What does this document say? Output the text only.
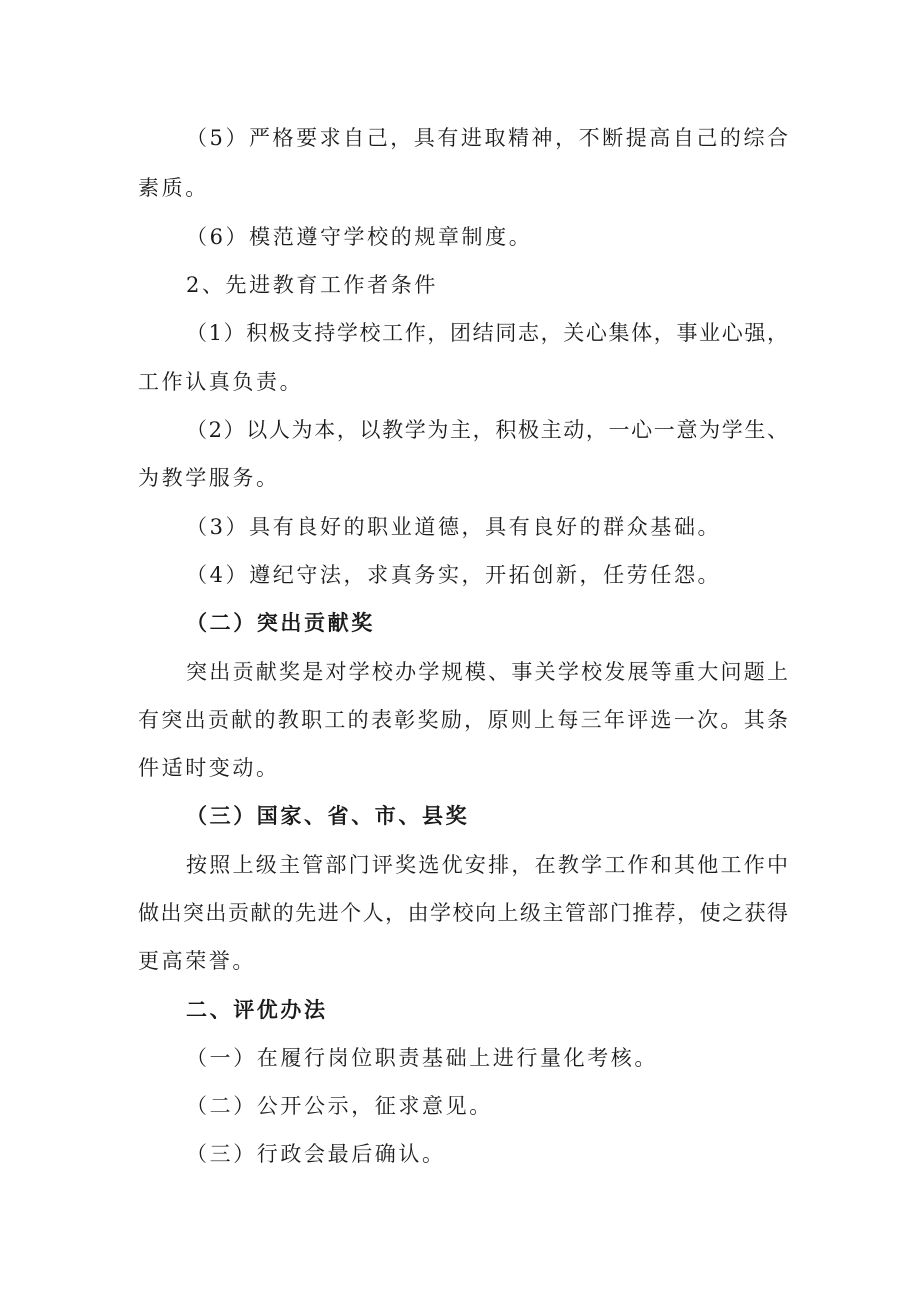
（5）严格要求自己，具有进取精神，不断提高自己的综合
素质。
（6）模范遵守学校的规章制度。
2、先进教育工作者条件
（1）积极支持学校工作，团结同志，关心集体，事业心强，
工作认真负责。
（2）以人为本，以教学为主，积极主动，一心一意为学生、
为教学服务。
（3）具有良好的职业道德，具有良好的群众基础。
（4）遵纪守法，求真务实，开拓创新，任劳任怨。
（二）突出贡献奖
突出贡献奖是对学校办学规模、事关学校发展等重大问题上
有突出贡献的教职工的表彰奖励，原则上每三年评选一次。其条
件适时变动。
（三）国家、省、市、县奖
按照上级主管部门评奖选优安排，在教学工作和其他工作中
做出突出贡献的先进个人，由学校向上级主管部门推荐，使之获得
更高荣誉。
二、评优办法
（一）在履行岗位职责基础上进行量化考核。
（二）公开公示，征求意见。
（三）行政会最后确认。
